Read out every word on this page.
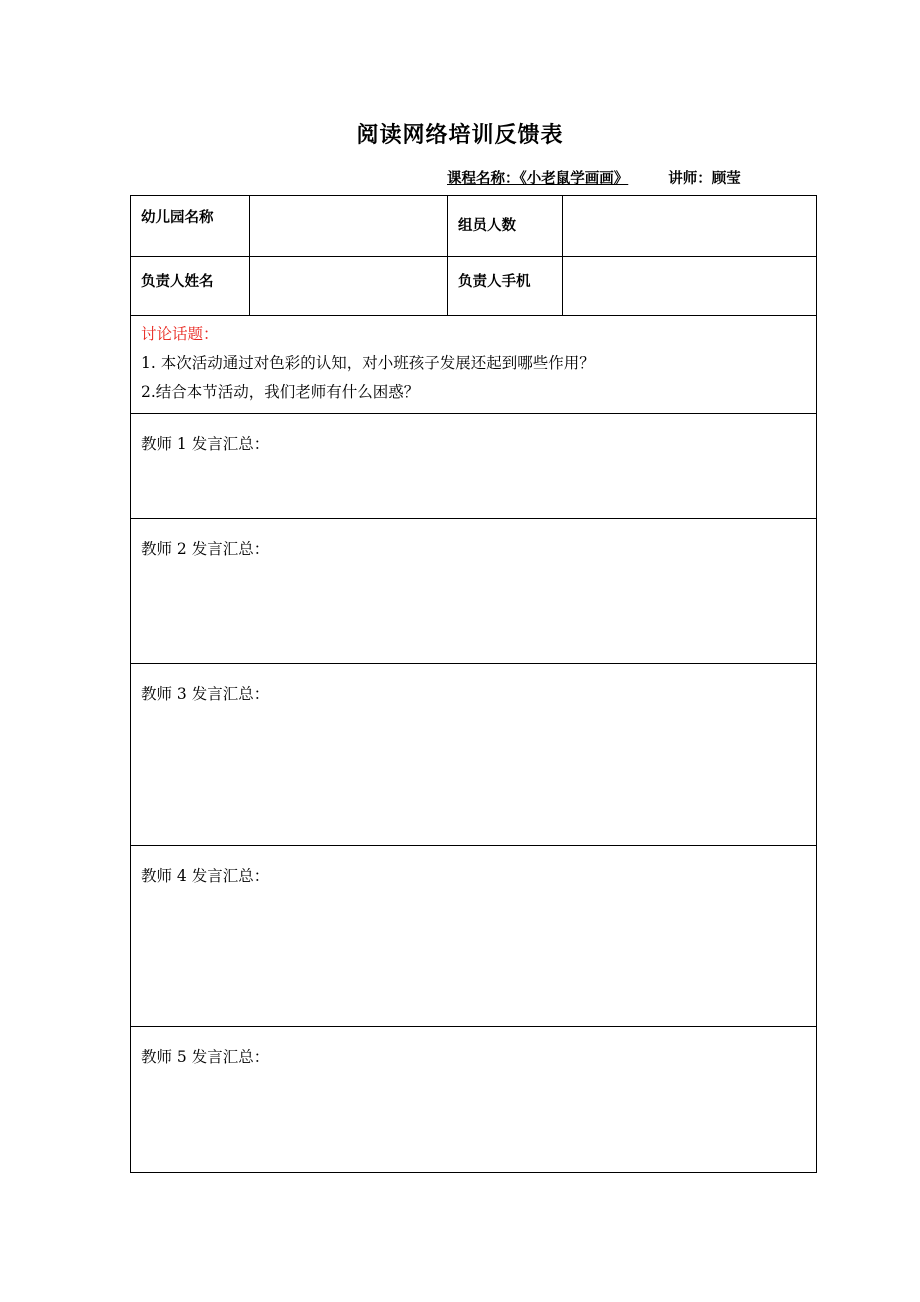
阅读网络培训反馈表
课程名称：《小老鼠学画画》	讲师：顾莹
幼儿园名称		组员人数	
负责人姓名		负责人手机	

讨论话题：
1. 本次活动通过对色彩的认知，对小班孩子发展还起到哪些作用？
2.结合本节活动，我们老师有什么困惑？			

教师 1 发言汇总：			

教师 2 发言汇总：			

教师 3 发言汇总：			

教师 4 发言汇总：			

教师 5 发言汇总：			
